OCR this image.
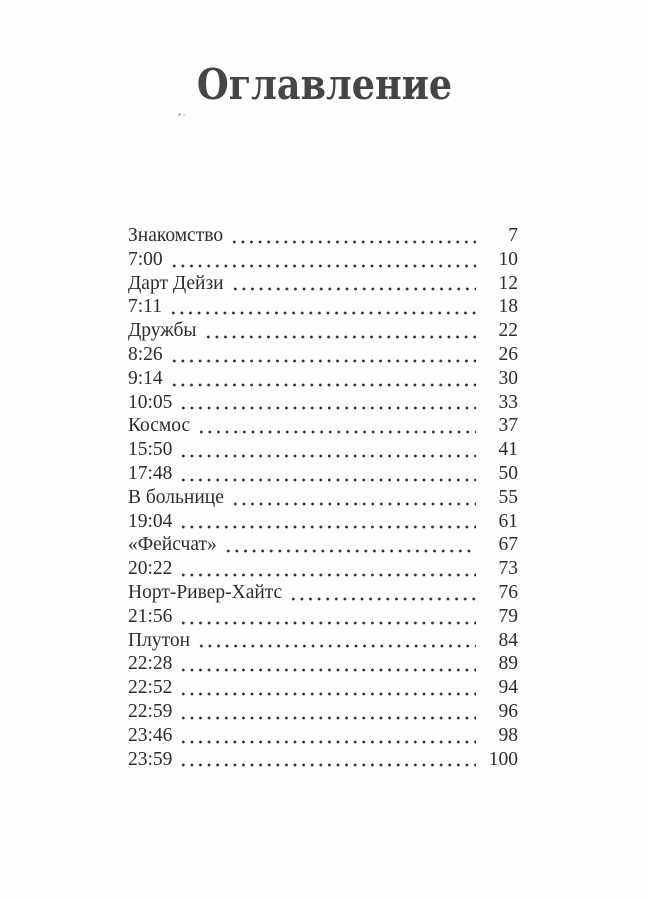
Оглавление
Знакомство	7
7:00	10
Дарт Дейзи	12
7:11	18
Дружбы	22
8:26	26
9:14	30
10:05	33
Космос	37
15:50	41
17:48	50
В больнице	55
19:04	61
«Фейсчат»	67
20:22	73
Норт-Ривер-Хайтс	76
21:56	79
Плутон	84
22:28	89
22:52	94
22:59	96
23:46	98
23:59	100
